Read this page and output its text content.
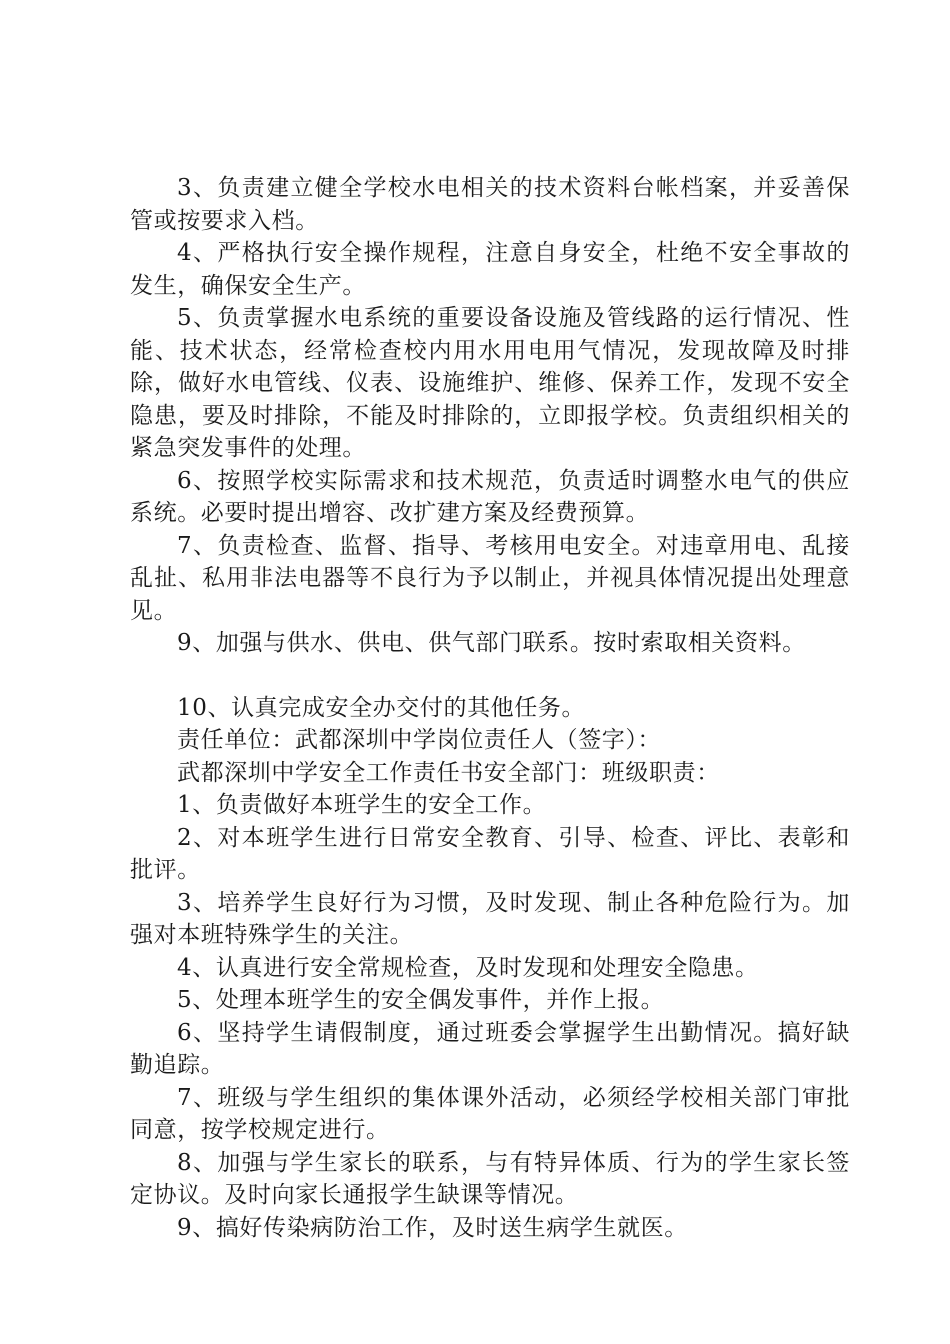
3、负责建立健全学校水电相关的技术资料台帐档案，并妥善保管或按要求入档。

4、严格执行安全操作规程，注意自身安全，杜绝不安全事故的发生，确保安全生产。

5、负责掌握水电系统的重要设备设施及管线路的运行情况、性能、技术状态，经常检查校内用水用电用气情况，发现故障及时排除，做好水电管线、仪表、设施维护、维修、保养工作，发现不安全隐患，要及时排除，不能及时排除的，立即报学校。负责组织相关的紧急突发事件的处理。

6、按照学校实际需求和技术规范，负责适时调整水电气的供应系统。必要时提出增容、改扩建方案及经费预算。

7、负责检查、监督、指导、考核用电安全。对违章用电、乱接乱扯、私用非法电器等不良行为予以制止，并视具体情况提出处理意见。

9、加强与供水、供电、供气部门联系。按时索取相关资料。

10、认真完成安全办交付的其他任务。

责任单位：武都深圳中学岗位责任人（签字）：

武都深圳中学安全工作责任书安全部门：班级职责：

1、负责做好本班学生的安全工作。

2、对本班学生进行日常安全教育、引导、检查、评比、表彰和批评。

3、培养学生良好行为习惯，及时发现、制止各种危险行为。加强对本班特殊学生的关注。

4、认真进行安全常规检查，及时发现和处理安全隐患。

5、处理本班学生的安全偶发事件，并作上报。

6、坚持学生请假制度，通过班委会掌握学生出勤情况。搞好缺勤追踪。

7、班级与学生组织的集体课外活动，必须经学校相关部门审批同意，按学校规定进行。

8、加强与学生家长的联系，与有特异体质、行为的学生家长签定协议。及时向家长通报学生缺课等情况。

9、搞好传染病防治工作，及时送生病学生就医。
